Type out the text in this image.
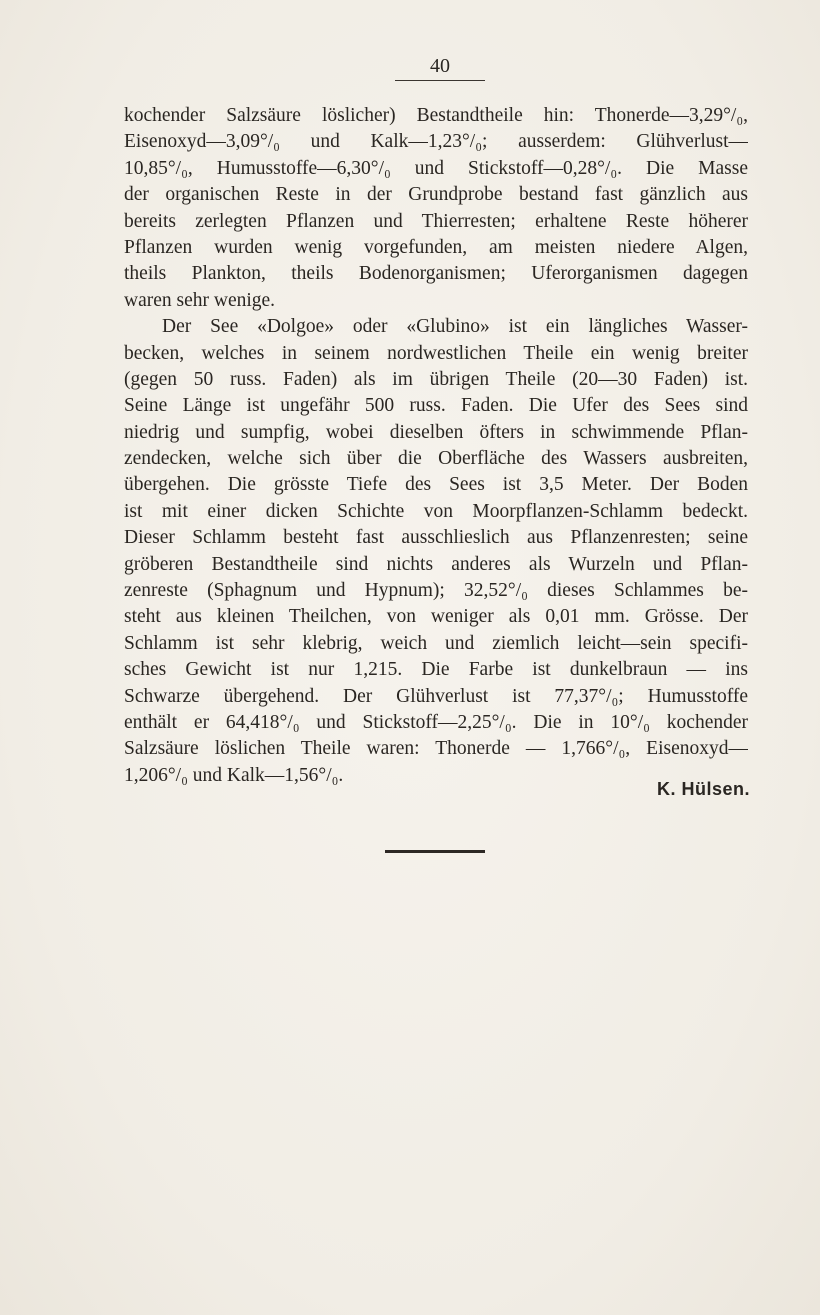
40
kochender Salzsäure löslicher) Bestandtheile hin: Thonerde—3,29°/₀,
Eisenoxyd—3,09°/₀ und Kalk—1,23°/₀; ausserdem: Glühverlust—
10,85°/₀, Humusstoffe—6,30°/₀ und Stickstoff—0,28°/₀. Die Masse
der organischen Reste in der Grundprobe bestand fast gänzlich aus
bereits zerlegten Pflanzen und Thierresten; erhaltene Reste höherer
Pflanzen wurden wenig vorgefunden, am meisten niedere Algen,
theils Plankton, theils Bodenorganismen; Uferorganismen dagegen
waren sehr wenige.
Der See «Dolgoe» oder «Glubino» ist ein längliches Wasser-
becken, welches in seinem nordwestlichen Theile ein wenig breiter
(gegen 50 russ. Faden) als im übrigen Theile (20—30 Faden) ist.
Seine Länge ist ungefähr 500 russ. Faden. Die Ufer des Sees sind
niedrig und sumpfig, wobei dieselben öfters in schwimmende Pflan-
zendecken, welche sich über die Oberfläche des Wassers ausbreiten,
übergehen. Die grösste Tiefe des Sees ist 3,5 Meter. Der Boden
ist mit einer dicken Schichte von Moorpflanzen-Schlamm bedeckt.
Dieser Schlamm besteht fast ausschlieslich aus Pflanzenresten; seine
gröberen Bestandtheile sind nichts anderes als Wurzeln und Pflan-
zenreste (Sphagnum und Hypnum); 32,52°/₀ dieses Schlammes be-
steht aus kleinen Theilchen, von weniger als 0,01 mm. Grösse. Der
Schlamm ist sehr klebrig, weich und ziemlich leicht—sein specifi-
sches Gewicht ist nur 1,215. Die Farbe ist dunkelbraun — ins
Schwarze übergehend. Der Glühverlust ist 77,37°/₀; Humusstoffe
enthält er 64,418°/₀ und Stickstoff—2,25°/₀. Die in 10°/₀ kochender
Salzsäure löslichen Theile waren: Thonerde — 1,766°/₀, Eisenoxyd—
1,206°/₀ und Kalk—1,56°/₀.
K. Hülsen.
